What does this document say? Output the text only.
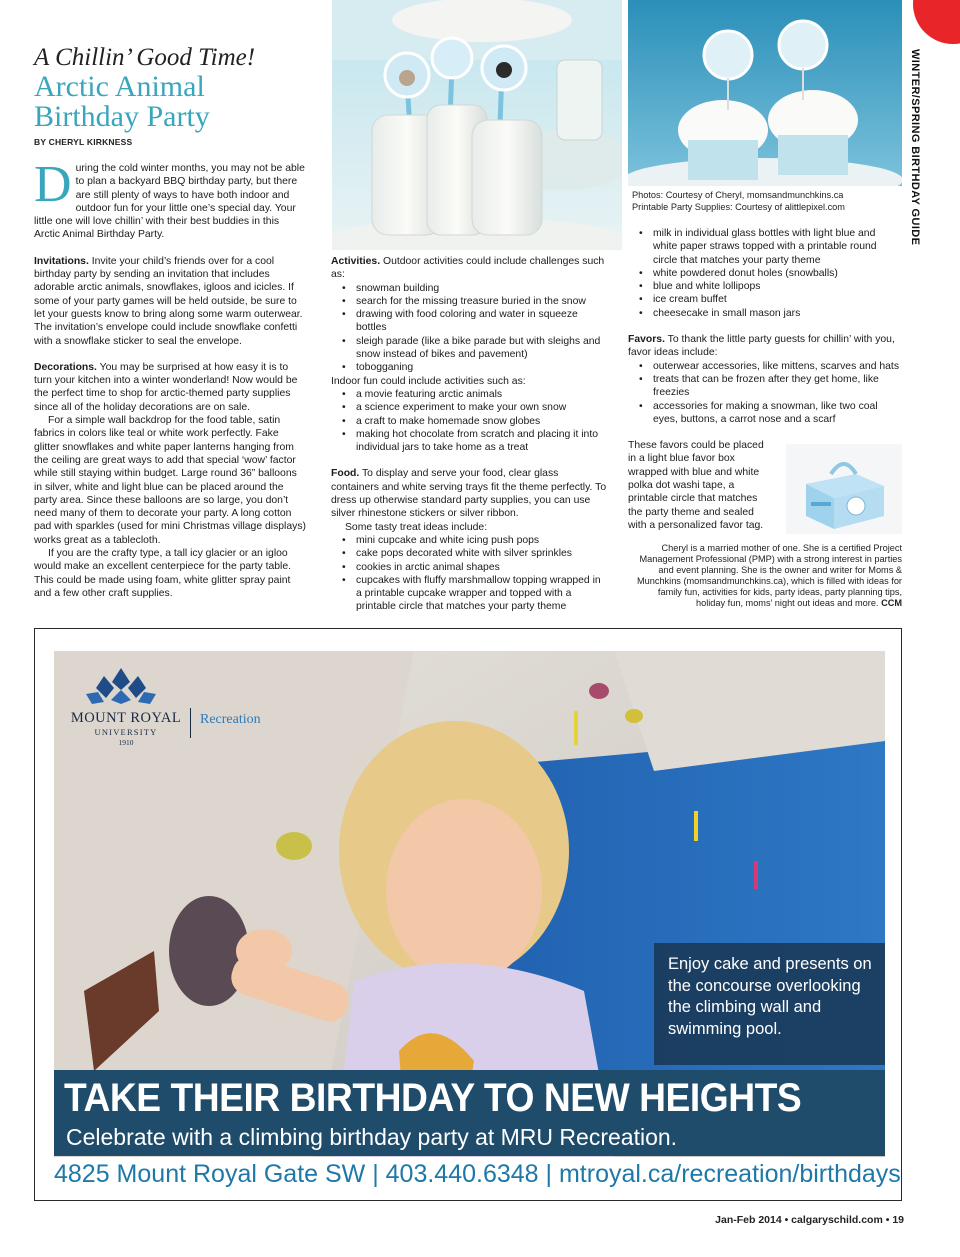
WINTER/SPRING BIRTHDAY GUIDE
A Chillin’ Good Time!
Arctic Animal
Birthday Party
BY CHERYL KIRKNESS

During the cold winter months, you may not be able to plan a backyard BBQ birthday party, but there are still plenty of ways to have both indoor and outdoor fun for your little one’s special day. Your little one will love chillin’ with their best buddies in this Arctic Animal Birthday Party.

Invitations. Invite your child’s friends over for a cool birthday party by sending an invitation that includes adorable arctic animals, snowflakes, igloos and icicles. If some of your party games will be held outside, be sure to let your guests know to bring along some warm outerwear. The invitation’s envelope could include snowflake confetti with a snowflake sticker to seal the envelope.

Decorations. You may be surprised at how easy it is to turn your kitchen into a winter wonderland! Now would be the perfect time to shop for arctic-themed party supplies since all of the holiday decorations are on sale.

For a simple wall backdrop for the food table, satin fabrics in colors like teal or white work perfectly. Fake glitter snowflakes and white paper lanterns hanging from the ceiling are great ways to add that special ‘wow’ factor while still staying within budget. Large round 36” balloons in silver, white and light blue can be placed around the party area. Since these balloons are so large, you don’t need many of them to decorate your party. A long cotton pad with sparkles (used for mini Christmas village displays) works great as a tablecloth.

If you are the crafty type, a tall icy glacier or an igloo would make an excellent centerpiece for the party table. This could be made using foam, white glitter spray paint and a few other craft supplies.

Activities. Outdoor activities could include challenges such as:

• snowman building
• search for the missing treasure buried in the snow
• drawing with food coloring and water in squeeze bottles
• sleigh parade (like a bike parade but with sleighs and snow instead of bikes and pavement)
• tobogganing

Indoor fun could include activities such as:

• a movie featuring arctic animals
• a science experiment to make your own snow
• a craft to make homemade snow globes
• making hot chocolate from scratch and placing it into individual jars to take home as a treat

Food. To display and serve your food, clear glass containers and white serving trays fit the theme perfectly. To dress up otherwise standard party supplies, you can use silver rhinestone stickers or silver ribbon.

Some tasty treat ideas include:

• mini cupcake and white icing push pops
• cake pops decorated white with silver sprinkles
• cookies in arctic animal shapes
• cupcakes with fluffy marshmallow topping wrapped in a printable cupcake wrapper and topped with a printable circle that matches your party theme
Photos: Courtesy of Cheryl, momsandmunchkins.ca
Printable Party Supplies: Courtesy of alittlepixel.com
• milk in individual glass bottles with light blue and white paper straws topped with a printable round circle that matches your party theme
• white powdered donut holes (snowballs)
• blue and white lollipops
• ice cream buffet
• cheesecake in small mason jars

Favors. To thank the little party guests for chillin’ with you, favor ideas include:

• outerwear accessories, like mittens, scarves and hats
• treats that can be frozen after they get home, like freezies
• accessories for making a snowman, like two coal eyes, buttons, a carrot nose and a scarf

These favors could be placed in a light blue favor box wrapped with blue and white polka dot washi tape, a printable circle that matches the party theme and sealed with a personalized favor tag.

Cheryl is a married mother of one. She is a certified Project Management Professional (PMP) with a strong interest in parties and event planning. She is the owner and writer for Moms & Munchkins (momsandmunchkins.ca), which is filled with ideas for family fun, activities for kids, party ideas, party planning tips, holiday fun, moms’ night out ideas and more. CCM
MOUNT ROYAL
UNIVERSITY
1910
Recreation

Enjoy cake and presents on the concourse overlooking the climbing wall and swimming pool.

TAKE THEIR BIRTHDAY TO NEW HEIGHTS
Celebrate with a climbing birthday party at MRU Recreation.
4825 Mount Royal Gate SW | 403.440.6348 | mtroyal.ca/recreation/birthdays
Jan-Feb 2014 • calgaryschild.com • 19
